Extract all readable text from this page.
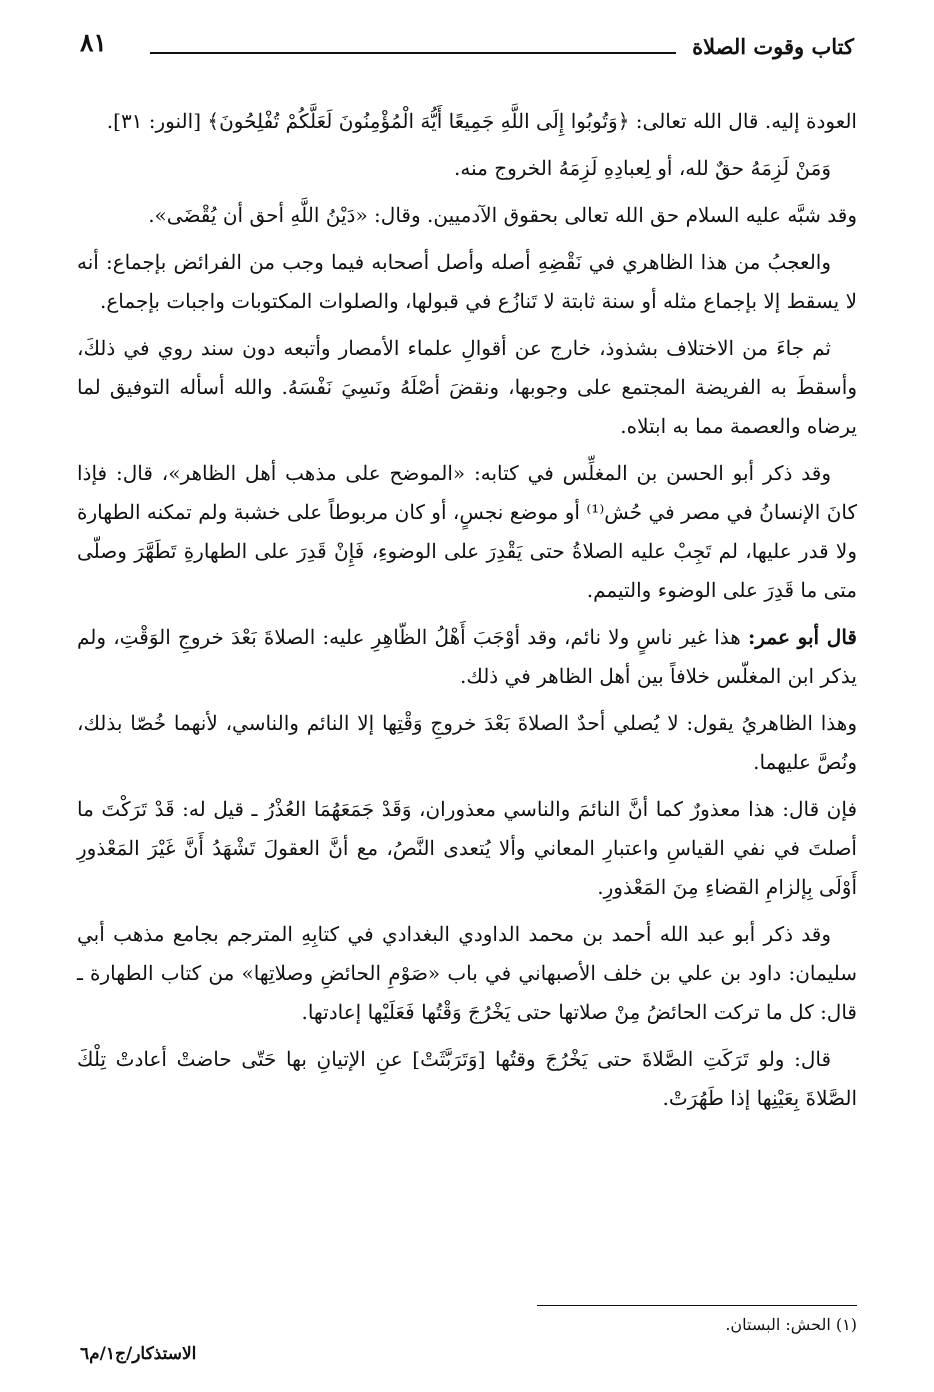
كتاب وقوت الصلاة
٨١

العودة إليه. قال الله تعالى: ﴿وَتُوبُوا إِلَى اللَّهِ جَمِيعًا أَيُّهَ الْمُؤْمِنُونَ لَعَلَّكُمْ تُفْلِحُونَ﴾ [النور: ٣١].

وَمَنْ لَزِمَهُ حقٌ لله، أو لِعبادِهِ لَزِمَهُ الخروج منه.

وقد شبَّه عليه السلام حق الله تعالى بحقوق الآدميين. وقال: «دَيْنُ اللَّهِ أحق أن يُقْضَى».

والعجبُ من هذا الظاهري في نَقْضِهِ أصله وأصل أصحابه فيما وجب من الفرائض بإجماع: أنه لا يسقط إلا بإجماع مثله أو سنة ثابتة لا تَنازُع في قبولها، والصلوات المكتوبات واجبات بإجماع.

ثم جاءَ من الاختلاف بشذوذ، خارج عن أقوالِ علماء الأمصار وأتبعه دون سند روي في ذلكَ، وأسقطَ به الفريضة المجتمع على وجوبها، ونقضَ أصْلَهُ ونَسِيَ نَفْسَهُ. والله أسأله التوفيق لما يرضاه والعصمة مما به ابتلاه.

وقد ذكر أبو الحسن بن المغلِّس في كتابه: «الموضح على مذهب أهل الظاهر»، قال: فإذا كانَ الإنسانُ في مصر في حُش⁽¹⁾ أو موضع نجسٍ، أو كان مربوطاً على خشبة ولم تمكنه الطهارة ولا قدر عليها، لم تَجِبْ عليه الصلاةُ حتى يَقْدِرَ على الوضوءِ، فَإِنْ قَدِرَ على الطهارةِ تَطَهَّرَ وصلّى متى ما قَدِرَ على الوضوء والتيمم.

قال أبو عمر: هذا غير ناسٍ ولا نائم، وقد أوْجَبَ أَهْلُ الظّاهِرِ عليه: الصلاةَ بَعْدَ خروجِ الوَقْتِ، ولم يذكر ابن المغلّس خلافاً بين أهل الظاهر في ذلك.

وهذا الظاهريُ يقول: لا يُصلي أحدٌ الصلاةَ بَعْدَ خروجِ وَقْتِها إلا النائم والناسي، لأنهما خُصّا بذلك، ونُصَّ عليهما.

فإن قال: هذا معذورٌ كما أنَّ النائمَ والناسي معذوران، وَقَدْ جَمَعَهُمَا العُذْرُ ـ قيل له: قَدْ تَرَكْتَ ما أصلتَ في نفي القياسِ واعتبارِ المعاني وألا يُتعدى النَّصُ، مع أنَّ العقولَ تَشْهَدُ أَنَّ غَيْرَ المَعْذورِ أَوْلَى بِإلزامِ القضاءِ مِنَ المَعْذورِ.

وقد ذكر أبو عبد الله أحمد بن محمد الداودي البغدادي في كتابِهِ المترجم بجامع مذهب أبي سليمان: داود بن علي بن خلف الأصبهاني في باب «صَوْمِ الحائضِ وصلاتِها» من كتاب الطهارة ـ قال: كل ما تركت الحائضُ مِنْ صلاتها حتى يَخْرُجَ وَقْتُها فَعَلَيْها إعادتها.

قال: ولو تَرَكَتِ الصَّلاةَ حتى يَخْرُجَ وقتُها [وَتَرَبَّثَتْ] عنِ الإتيانِ بها حَتّى حاضتْ أعادتْ تِلْكَ الصَّلاةَ بِعَيْنِها إذا طَهُرَتْ.

(١) الحش: البستان.
الاستذكار/ج١/م٦
